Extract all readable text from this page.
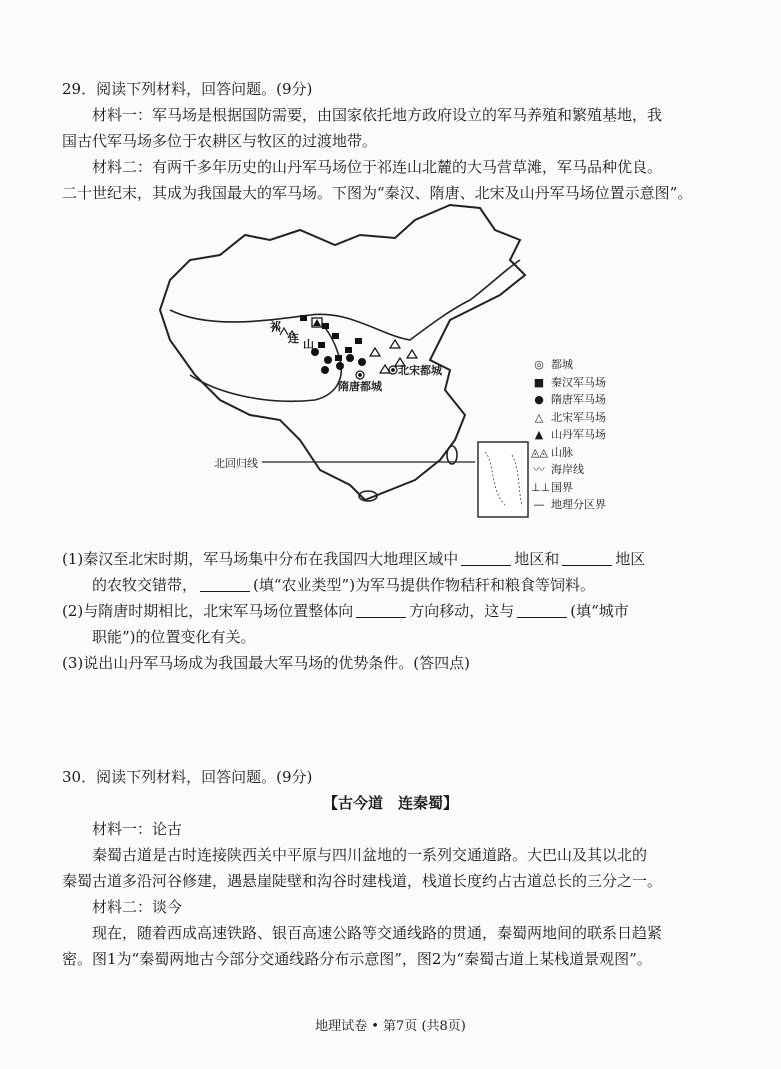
29．阅读下列材料，回答问题。(9分)
材料一：军马场是根据国防需要，由国家依托地方政府设立的军马养殖和繁殖基地，我
国古代军马场多位于农耕区与牧区的过渡地带。
材料二：有两千多年历史的山丹军马场位于祁连山北麓的大马营草滩，军马品种优良。
二十世纪末，其成为我国最大的军马场。下图为“秦汉、隋唐、北宋及山丹军马场位置示意图”。
祁
连 山
北宋都城
隋唐都城
北回归线
◎ 都城
■ 秦汉军马场
● 隋唐军马场
△ 北宋军马场
▲ 山丹军马场
◬◬ 山脉
〰 海岸线
⊥⊥国界
— 地理分区界
(1)秦汉至北宋时期，军马场集中分布在我国四大地理区域中	地区和	地区
的农牧交错带，	(填“农业类型”)为军马提供作物秸秆和粮食等饲料。
(2)与隋唐时期相比，北宋军马场位置整体向	方向移动，这与	(填“城市
职能”)的位置变化有关。
(3)说出山丹军马场成为我国最大军马场的优势条件。(答四点)
30．阅读下列材料，回答问题。(9分)
【古今道　连秦蜀】
材料一：论古
秦蜀古道是古时连接陕西关中平原与四川盆地的一系列交通道路。大巴山及其以北的
秦蜀古道多沿河谷修建，遇悬崖陡壁和沟谷时建栈道，栈道长度约占古道总长的三分之一。
材料二：谈今
现在，随着西成高速铁路、银百高速公路等交通线路的贯通，秦蜀两地间的联系日趋紧
密。图1为“秦蜀两地古今部分交通线路分布示意图”，图2为“秦蜀古道上某栈道景观图”。
地理试卷 • 第7页 (共8页)
